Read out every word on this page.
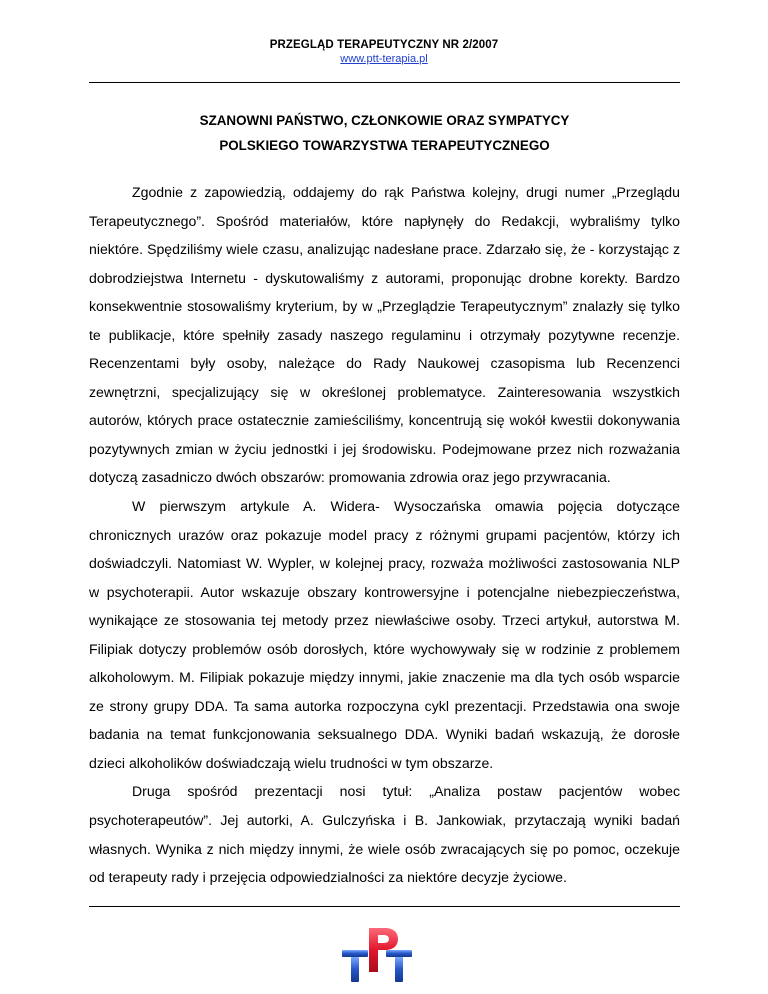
PRZEGLĄD TERAPEUTYCZNY NR 2/2007
www.ptt-terapia.pl
SZANOWNI PAŃSTWO, CZŁONKOWIE ORAZ SYMPATYCY
POLSKIEGO TOWARZYSTWA TERAPEUTYCZNEGO

Zgodnie z zapowiedzią, oddajemy do rąk Państwa kolejny, drugi numer „Przeglądu Terapeutycznego”. Spośród materiałów, które napłynęły do Redakcji, wybraliśmy tylko niektóre. Spędziliśmy wiele czasu, analizując nadesłane prace. Zdarzało się, że - korzystając z dobrodziejstwa Internetu - dyskutowaliśmy z autorami, proponując drobne korekty. Bardzo konsekwentnie stosowaliśmy kryterium, by w „Przeglądzie Terapeutycznym” znalazły się tylko te publikacje, które spełniły zasady naszego regulaminu i otrzymały pozytywne recenzje. Recenzentami były osoby, należące do Rady Naukowej czasopisma lub Recenzenci zewnętrzni, specjalizujący się w określonej problematyce. Zainteresowania wszystkich autorów, których prace ostatecznie zamieściliśmy, koncentrują się wokół kwestii dokonywania pozytywnych zmian w życiu jednostki i jej środowisku. Podejmowane przez nich rozważania dotyczą zasadniczo dwóch obszarów: promowania zdrowia oraz jego przywracania.

W pierwszym artykule A. Widera- Wysoczańska omawia pojęcia dotyczące chronicznych urazów oraz pokazuje model pracy z różnymi grupami pacjentów, którzy ich doświadczyli. Natomiast W. Wypler, w kolejnej pracy, rozważa możliwości zastosowania NLP w psychoterapii. Autor wskazuje obszary kontrowersyjne i potencjalne niebezpieczeństwa, wynikające ze stosowania tej metody przez niewłaściwe osoby. Trzeci artykuł, autorstwa M. Filipiak dotyczy problemów osób dorosłych, które wychowywały się w rodzinie z problemem alkoholowym. M. Filipiak pokazuje między innymi, jakie znaczenie ma dla tych osób wsparcie ze strony grupy DDA. Ta sama autorka rozpoczyna cykl prezentacji. Przedstawia ona swoje badania na temat funkcjonowania seksualnego DDA. Wyniki badań wskazują, że dorosłe dzieci alkoholików doświadczają wielu trudności w tym obszarze.

Druga spośród prezentacji nosi tytuł: „Analiza postaw pacjentów wobec psychoterapeutów”. Jej autorki, A. Gulczyńska i B. Jankowiak, przytaczają wyniki badań własnych. Wynika z nich między innymi, że wiele osób zwracających się po pomoc, oczekuje od terapeuty rady i przejęcia odpowiedzialności za niektóre decyzje życiowe.
